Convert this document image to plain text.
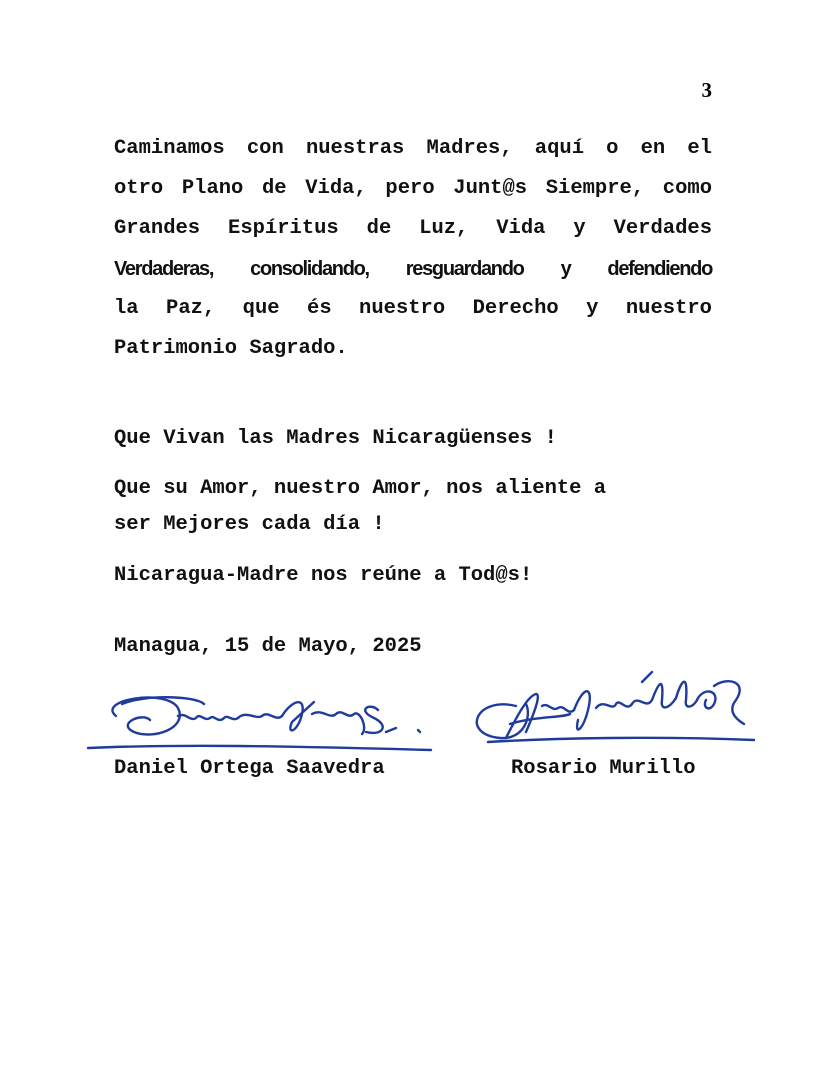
3
Caminamos con nuestras Madres, aquí o en el
otro Plano de Vida, pero Junt@s Siempre, como
Grandes Espíritus de Luz, Vida y Verdades
Verdaderas, consolidando, resguardando y defendiendo
la Paz, que és nuestro Derecho y nuestro
Patrimonio Sagrado.
Que Vivan las Madres Nicaragüenses !
Que su Amor, nuestro Amor, nos aliente a
ser Mejores cada día !
Nicaragua-Madre nos reúne a Tod@s!
Managua, 15 de Mayo, 2025
Daniel Ortega Saavedra	Rosario Murillo
